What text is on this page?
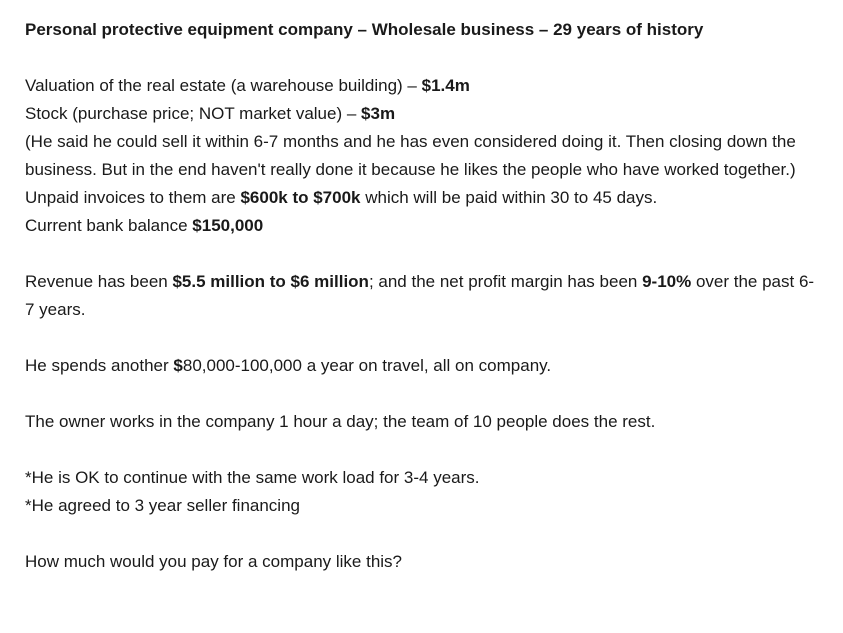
Personal protective equipment company – Wholesale business – 29 years of history
Valuation of the real estate (a warehouse building) – $1.4m
Stock (purchase price; NOT market value) – $3m
(He said he could sell it within 6-7 months and he has even considered doing it. Then closing down the business. But in the end haven't really done it because he likes the people who have worked together.)
Unpaid invoices to them are $600k to $700k which will be paid within 30 to 45 days.
Current bank balance $150,000
Revenue has been $5.5 million to $6 million; and the net profit margin has been 9-10% over the past 6-7 years.
He spends another $80,000-100,000 a year on travel, all on company.
The owner works in the company 1 hour a day; the team of 10 people does the rest.
*He is OK to continue with the same work load for 3-4 years.
*He agreed to 3 year seller financing
How much would you pay for a company like this?
